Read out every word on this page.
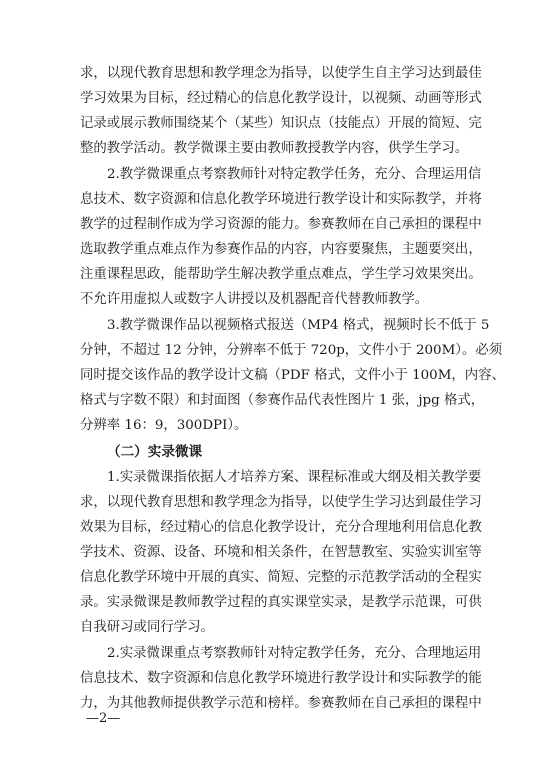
求，以现代教育思想和教学理念为指导，以使学生自主学习达到最佳
学习效果为目标，经过精心的信息化教学设计，以视频、动画等形式
记录或展示教师围绕某个（某些）知识点（技能点）开展的简短、完
整的教学活动。教学微课主要由教师教授教学内容，供学生学习。
2.教学微课重点考察教师针对特定教学任务，充分、合理运用信
息技术、数字资源和信息化教学环境进行教学设计和实际教学，并将
教学的过程制作成为学习资源的能力。参赛教师在自己承担的课程中
选取教学重点难点作为参赛作品的内容，内容要聚焦，主题要突出，
注重课程思政，能帮助学生解决教学重点难点，学生学习效果突出。
不允许用虚拟人或数字人讲授以及机器配音代替教师教学。
3.教学微课作品以视频格式报送（MP4 格式，视频时长不低于 5
分钟，不超过 12 分钟，分辨率不低于 720p，文件小于 200M）。必须
同时提交该作品的教学设计文稿（PDF 格式，文件小于 100M，内容、
格式与字数不限）和封面图（参赛作品代表性图片 1 张，jpg 格式，
分辨率 16：9，300DPI）。
（二）实录微课
1.实录微课指依据人才培养方案、课程标准或大纲及相关教学要
求，以现代教育思想和教学理念为指导，以使学生学习达到最佳学习
效果为目标，经过精心的信息化教学设计，充分合理地利用信息化教
学技术、资源、设备、环境和相关条件，在智慧教室、实验实训室等
信息化教学环境中开展的真实、简短、完整的示范教学活动的全程实
录。实录微课是教师教学过程的真实课堂实录，是教学示范课，可供
自我研习或同行学习。
2.实录微课重点考察教师针对特定教学任务，充分、合理地运用
信息技术、数字资源和信息化教学环境进行教学设计和实际教学的能
力，为其他教师提供教学示范和榜样。参赛教师在自己承担的课程中
—2—
